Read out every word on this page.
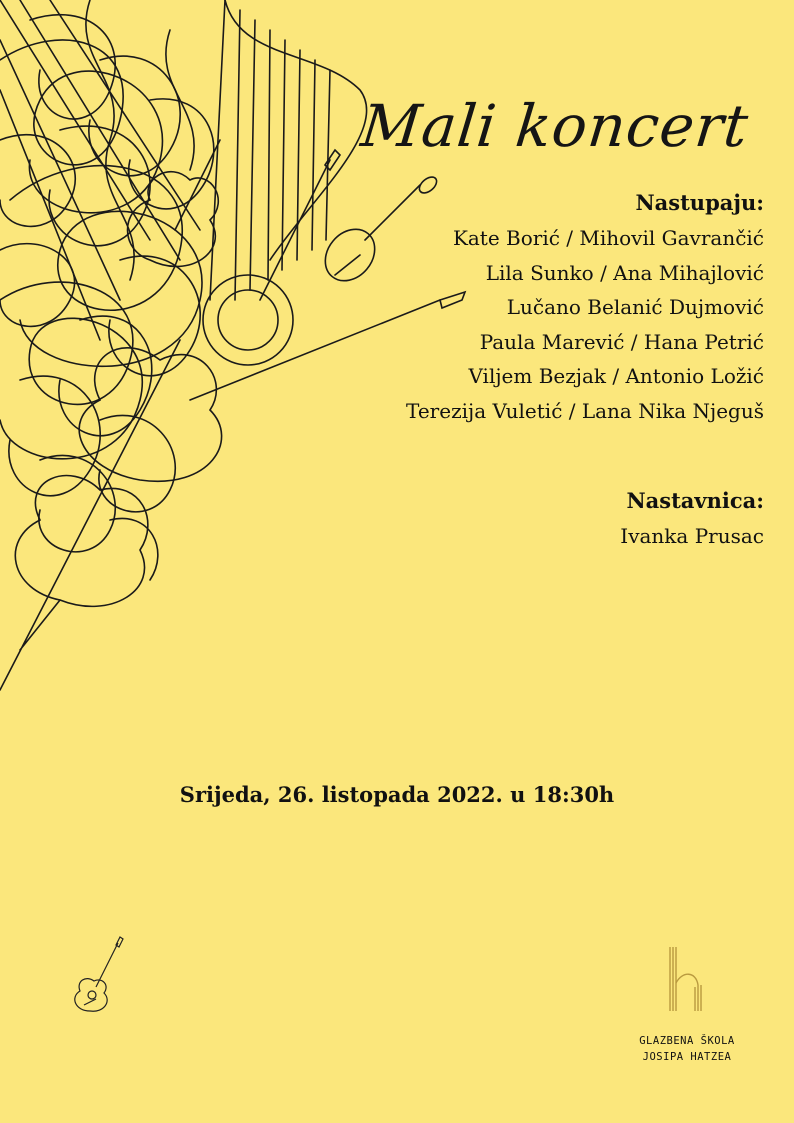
Mali koncert
Nastupaju:
Kate Borić / Mihovil Gavrančić
Lila Sunko / Ana Mihajlović
Lučano Belanić Dujmović
Paula Marević / Hana Petrić
Viljem Bezjak / Antonio Ložić
Terezija Vuletić / Lana Nika Njeguš
Nastavnica:
Ivanka Prusac
Srijeda, 26. listopada 2022. u 18:30h
GLAZBENA ŠKOLA
JOSIPA HATZEA
